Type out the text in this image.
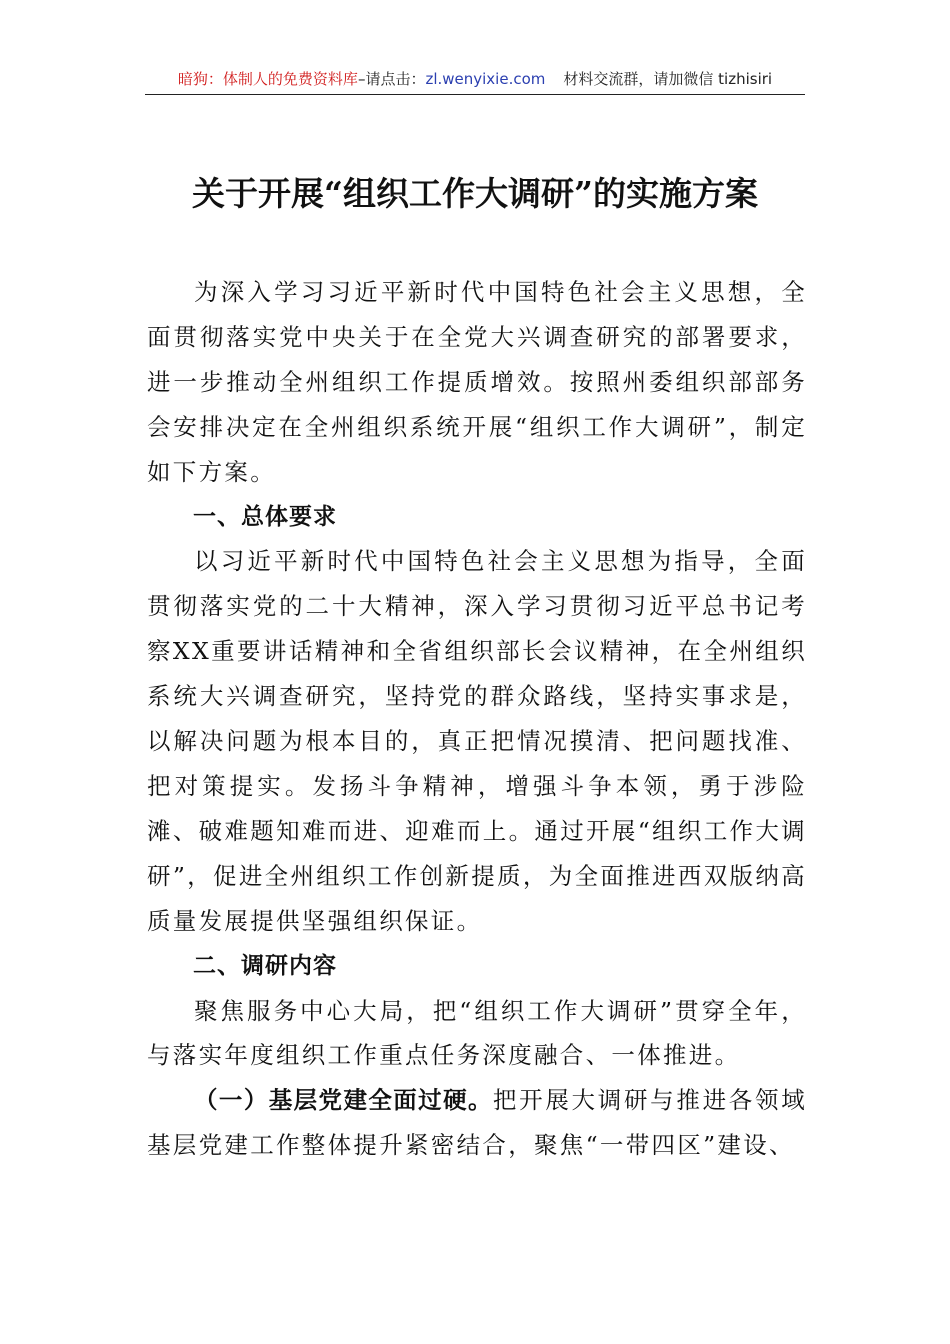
暗狗：体制人的免费资料库–请点击：zl.wenyixie.com 材料交流群，请加微信 tizhisiri
关于开展“组织工作大调研”的实施方案

为深入学习习近平新时代中国特色社会主义思想，全面贯彻落实党中央关于在全党大兴调查研究的部署要求，进一步推动全州组织工作提质增效。按照州委组织部部务会安排决定在全州组织系统开展“组织工作大调研”，制定如下方案。

一、总体要求

以习近平新时代中国特色社会主义思想为指导，全面贯彻落实党的二十大精神，深入学习贯彻习近平总书记考察XX重要讲话精神和全省组织部长会议精神，在全州组织系统大兴调查研究，坚持党的群众路线，坚持实事求是，以解决问题为根本目的，真正把情况摸清、把问题找准、把对策提实。发扬斗争精神，增强斗争本领，勇于涉险滩、破难题知难而进、迎难而上。通过开展“组织工作大调研”，促进全州组织工作创新提质，为全面推进西双版纳高质量发展提供坚强组织保证。

二、调研内容

聚焦服务中心大局，把“组织工作大调研”贯穿全年，与落实年度组织工作重点任务深度融合、一体推进。

（一）基层党建全面过硬。把开展大调研与推进各领域基层党建工作整体提升紧密结合，聚焦“一带四区”建设、
